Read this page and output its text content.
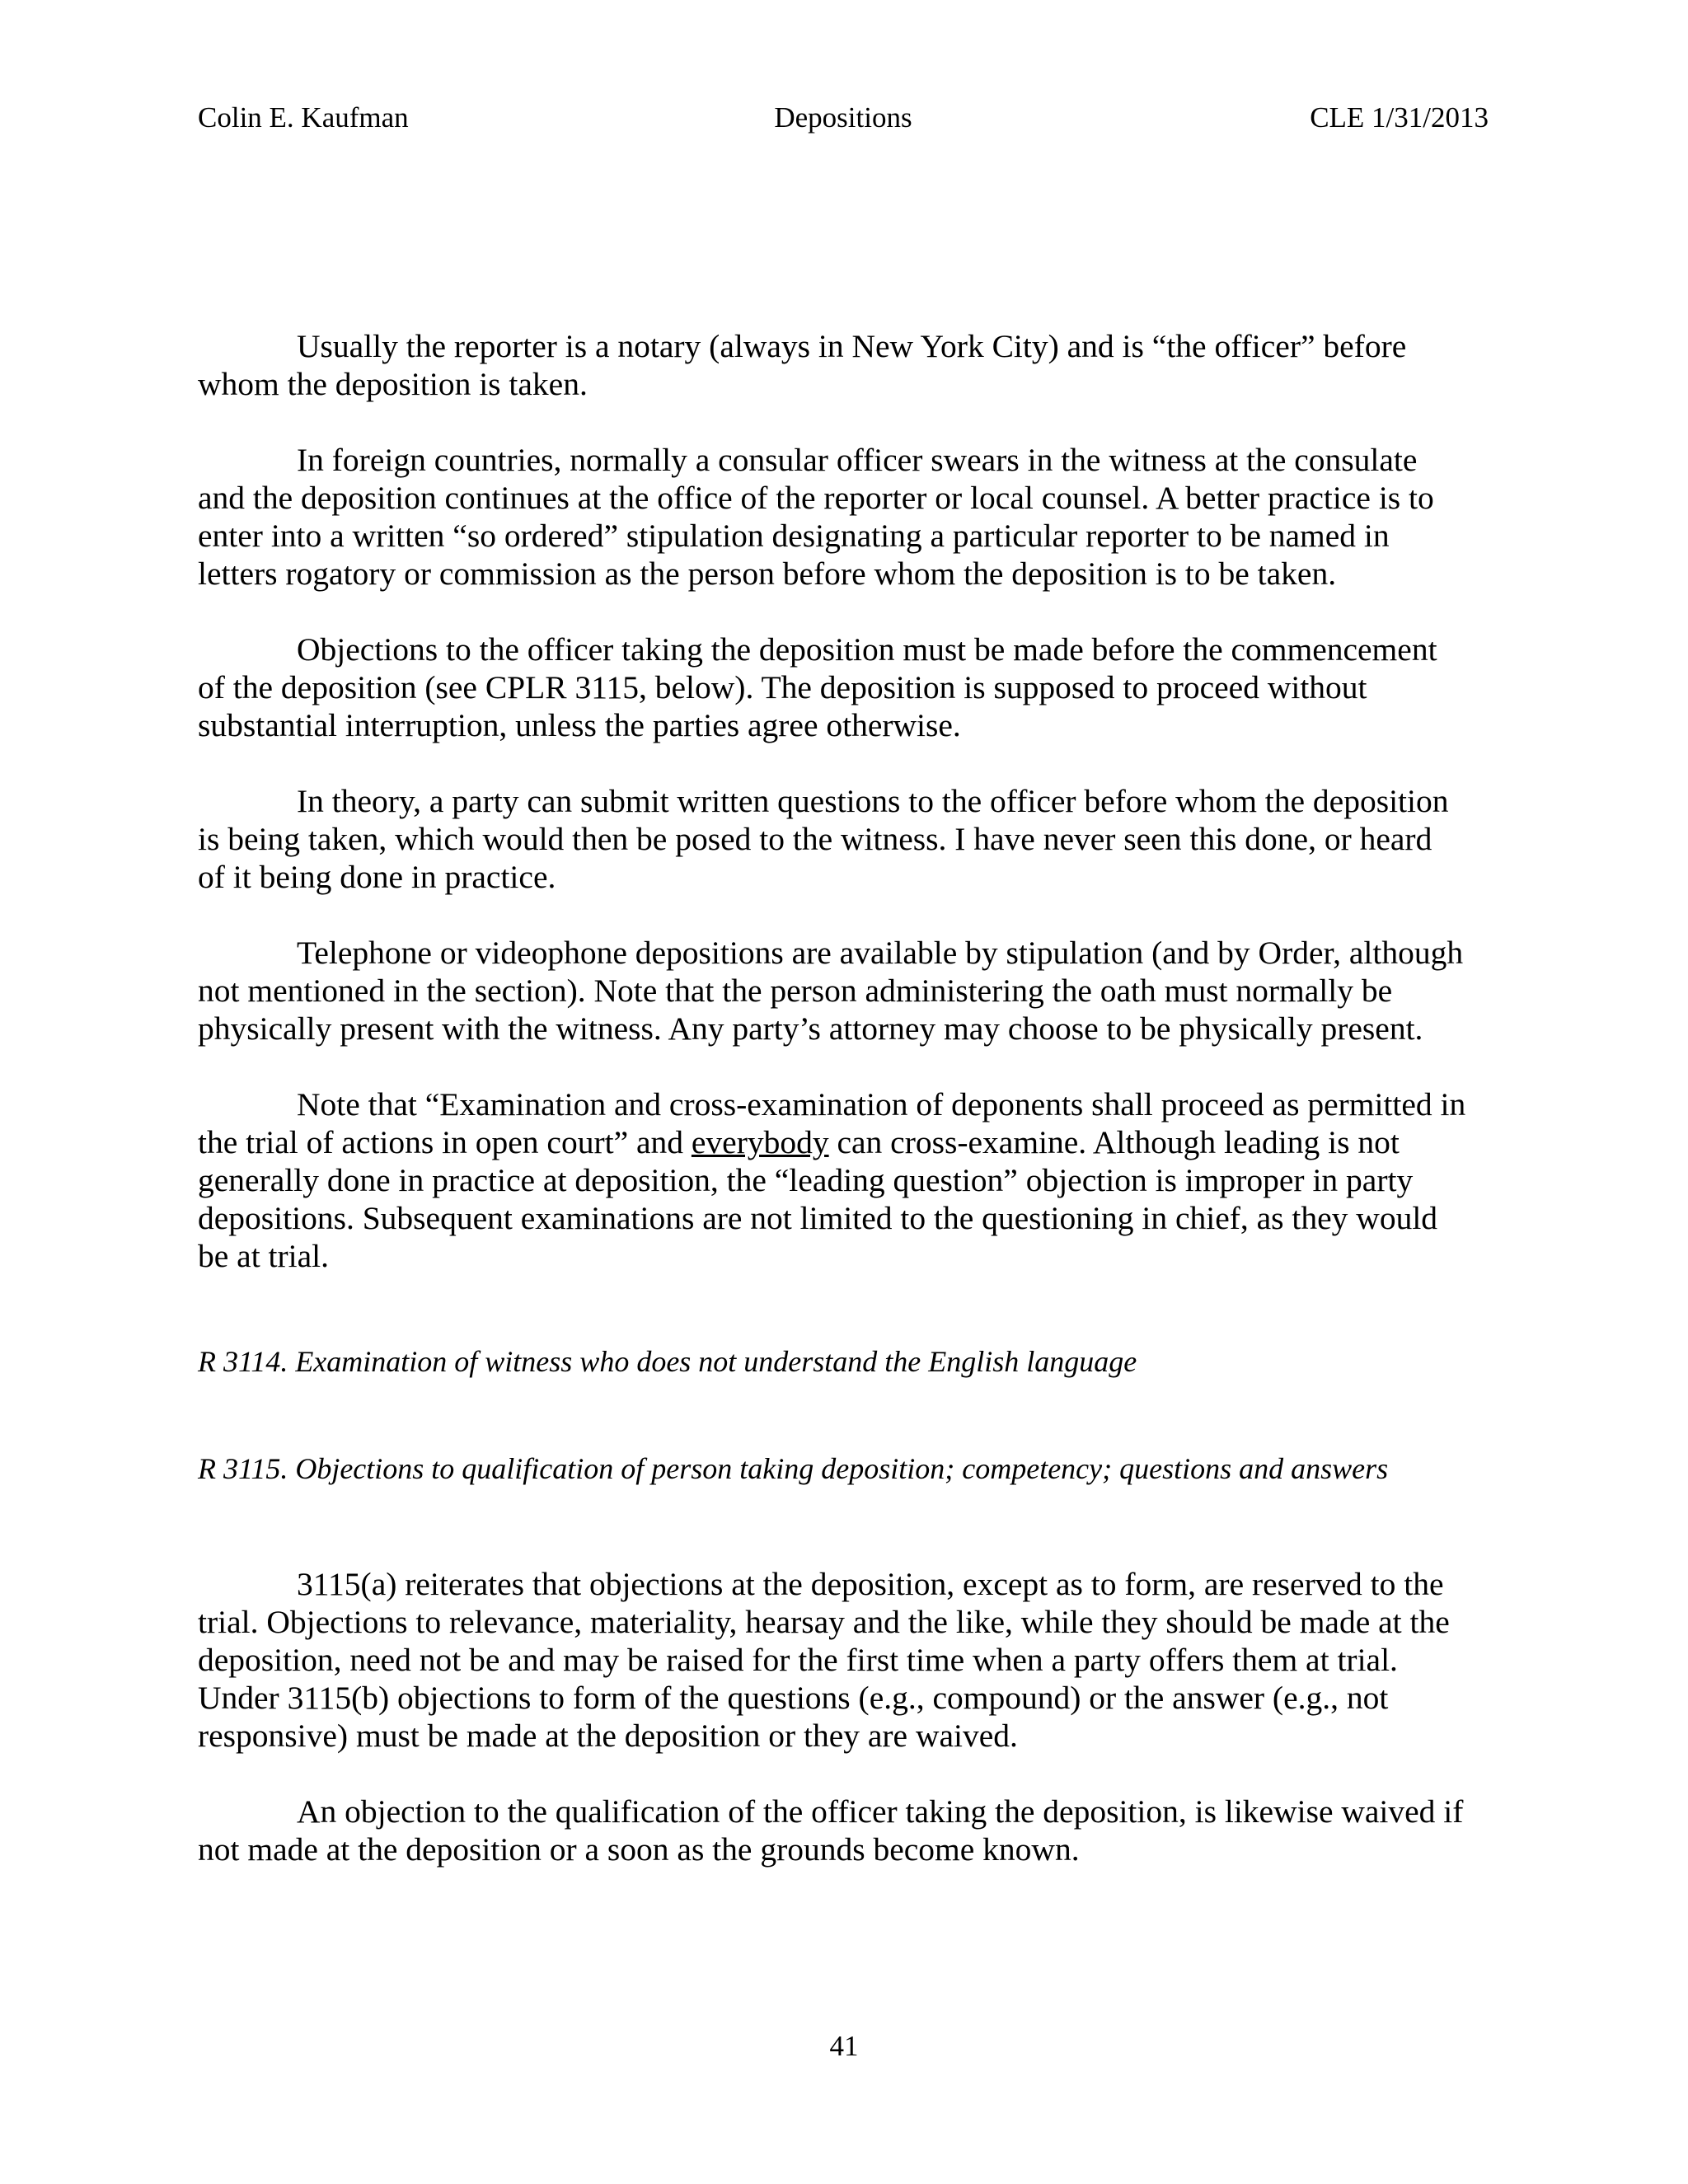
Colin E. Kaufman	Depositions	CLE 1/31/2013

Usually the reporter is a notary (always in New York City) and is “the officer” before
whom the deposition is taken.

In foreign countries, normally a consular officer swears in the witness at the consulate
and the deposition continues at the office of the reporter or local counsel. A better practice is to
enter into a written “so ordered” stipulation designating a particular reporter to be named in
letters rogatory or commission as the person before whom the deposition is to be taken.

Objections to the officer taking the deposition must be made before the commencement
of the deposition (see CPLR 3115, below). The deposition is supposed to proceed without
substantial interruption, unless the parties agree otherwise.

In theory, a party can submit written questions to the officer before whom the deposition
is being taken, which would then be posed to the witness. I have never seen this done, or heard
of it being done in practice.

Telephone or videophone depositions are available by stipulation (and by Order, although
not mentioned in the section). Note that the person administering the oath must normally be
physically present with the witness. Any party’s attorney may choose to be physically present.

Note that “Examination and cross-examination of deponents shall proceed as permitted in
the trial of actions in open court” and everybody can cross-examine. Although leading is not
generally done in practice at deposition, the “leading question” objection is improper in party
depositions. Subsequent examinations are not limited to the questioning in chief, as they would
be at trial.

R 3114. Examination of witness who does not understand the English language

R 3115. Objections to qualification of person taking deposition; competency; questions and answers

3115(a) reiterates that objections at the deposition, except as to form, are reserved to the
trial. Objections to relevance, materiality, hearsay and the like, while they should be made at the
deposition, need not be and may be raised for the first time when a party offers them at trial.
Under 3115(b) objections to form of the questions (e.g., compound) or the answer (e.g., not
responsive) must be made at the deposition or they are waived.

An objection to the qualification of the officer taking the deposition, is likewise waived if
not made at the deposition or a soon as the grounds become known.

41
